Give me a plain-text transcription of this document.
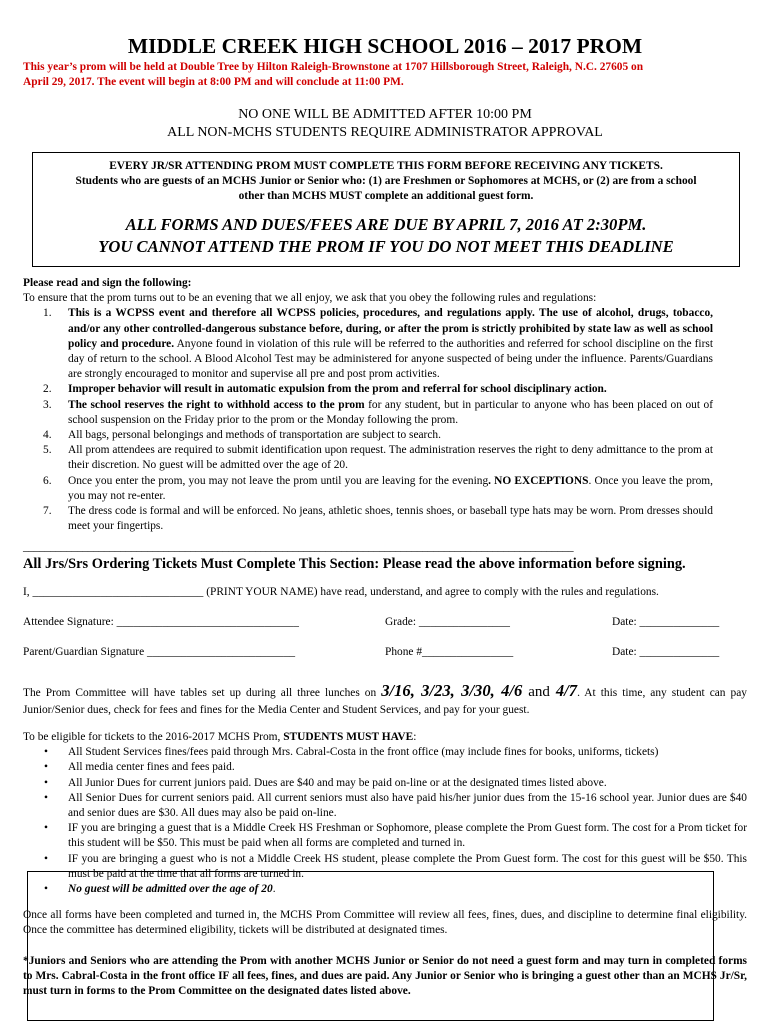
MIDDLE CREEK HIGH SCHOOL 2016 – 2017 PROM
This year’s prom will be held at Double Tree by Hilton Raleigh-Brownstone at 1707 Hillsborough Street, Raleigh, N.C. 27605 on
April 29, 2017. The event will begin at 8:00 PM and will conclude at 11:00 PM.
NO ONE WILL BE ADMITTED AFTER 10:00 PM
ALL NON-MCHS STUDENTS REQUIRE ADMINISTRATOR APPROVAL
EVERY JR/SR ATTENDING PROM MUST COMPLETE THIS FORM BEFORE RECEIVING ANY TICKETS.
Students who are guests of an MCHS Junior or Senior who: (1) are Freshmen or Sophomores at MCHS, or (2) are from a school
other than MCHS MUST complete an additional guest form.
ALL FORMS AND DUES/FEES ARE DUE BY APRIL 7, 2016 AT 2:30PM.
YOU CANNOT ATTEND THE PROM IF YOU DO NOT MEET THIS DEADLINE
Please read and sign the following:
To ensure that the prom turns out to be an evening that we all enjoy, we ask that you obey the following rules and regulations:
1. This is a WCPSS event and therefore all WCPSS policies, procedures, and regulations apply. The use of alcohol, drugs, tobacco, and/or any other controlled-dangerous substance before, during, or after the prom is strictly prohibited by state law as well as school policy and procedure. Anyone found in violation of this rule will be referred to the authorities and referred for school discipline on the first day of return to the school. A Blood Alcohol Test may be administered for anyone suspected of being under the influence. Parents/Guardians are strongly encouraged to monitor and supervise all pre and post prom activities.
2. Improper behavior will result in automatic expulsion from the prom and referral for school disciplinary action.
3. The school reserves the right to withhold access to the prom for any student, but in particular to anyone who has been placed on out of school suspension on the Friday prior to the prom or the Monday following the prom.
4. All bags, personal belongings and methods of transportation are subject to search.
5. All prom attendees are required to submit identification upon request. The administration reserves the right to deny admittance to the prom at their discretion. No guest will be admitted over the age of 20.
6. Once you enter the prom, you may not leave the prom until you are leaving for the evening. NO EXCEPTIONS. Once you leave the prom, you may not re-enter.
7. The dress code is formal and will be enforced. No jeans, athletic shoes, tennis shoes, or baseball type hats may be worn. Prom dresses should meet your fingertips.
______________________________________________________________________________________________________
All Jrs/Srs Ordering Tickets Must Complete This Section: Please read the above information before signing.
I, ______________________________ (PRINT YOUR NAME) have read, understand, and agree to comply with the rules and regulations.
Attendee Signature: ________________________________	Grade: ________________	Date: ______________
Parent/Guardian Signature __________________________	Phone #________________	Date: ______________
The Prom Committee will have tables set up during all three lunches on 3/16, 3/23, 3/30, 4/6 and 4/7. At this time, any student can pay Junior/Senior dues, check for fees and fines for the Media Center and Student Services, and pay for your guest.
To be eligible for tickets to the 2016-2017 MCHS Prom, STUDENTS MUST HAVE:
• All Student Services fines/fees paid through Mrs. Cabral-Costa in the front office (may include fines for books, uniforms, tickets)
• All media center fines and fees paid.
• All Junior Dues for current juniors paid. Dues are $40 and may be paid on-line or at the designated times listed above.
• All Senior Dues for current seniors paid. All current seniors must also have paid his/her junior dues from the 15-16 school year. Junior dues are $40 and senior dues are $30. All dues may also be paid on-line.
• IF you are bringing a guest that is a Middle Creek HS Freshman or Sophomore, please complete the Prom Guest form. The cost for a Prom ticket for this student will be $50. This must be paid when all forms are completed and turned in.
• IF you are bringing a guest who is not a Middle Creek HS student, please complete the Prom Guest form. The cost for this guest will be $50. This must be paid at the time that all forms are turned in.
• No guest will be admitted over the age of 20.
Once all forms have been completed and turned in, the MCHS Prom Committee will review all fees, fines, dues, and discipline to determine final eligibility. Once the committee has determined eligibility, tickets will be distributed at designated times.
*Juniors and Seniors who are attending the Prom with another MCHS Junior or Senior do not need a guest form and may turn in completed forms to Mrs. Cabral-Costa in the front office IF all fees, fines, and dues are paid. Any Junior or Senior who is bringing a guest other than an MCHS Jr/Sr, must turn in forms to the Prom Committee on the designated dates listed above.
